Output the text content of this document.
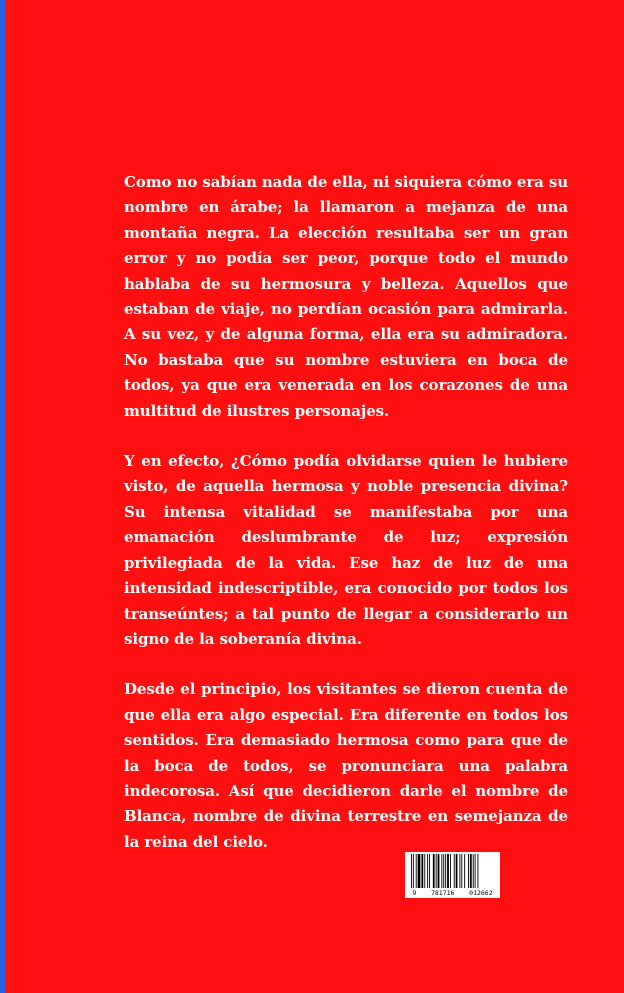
Como no sabían nada de ella, ni siquiera cómo era su nombre en árabe; la llamaron a mejanza de una montaña negra. La elección resultaba ser un gran error y no podía ser peor, porque todo el mundo hablaba de su hermosura y belleza. Aquellos que estaban de viaje, no perdían ocasión para admirarla. A su vez, y de alguna forma, ella era su admiradora. No bastaba que su nombre estuviera en boca de todos, ya que era venerada en los corazones de una multitud de ilustres personajes.

Y en efecto, ¿Cómo podía olvidarse quien le hubiere visto, de aquella hermosa y noble presencia divina? Su intensa vitalidad se manifestaba por una emanación deslumbrante de luz; expresión privilegiada de la vida. Ese haz de luz de una intensidad indescriptible, era conocido por todos los transeúntes; a tal punto de llegar a considerarlo un signo de la soberanía divina.

Desde el principio, los visitantes se dieron cuenta de que ella era algo especial. Era diferente en todos los sentidos. Era demasiado hermosa como para que de la boca de todos, se pronunciara una palabra indecorosa. Así que decidieron darle el nombre de Blanca, nombre de divina terrestre en semejanza de la reina del cielo.

9 781716 012662
